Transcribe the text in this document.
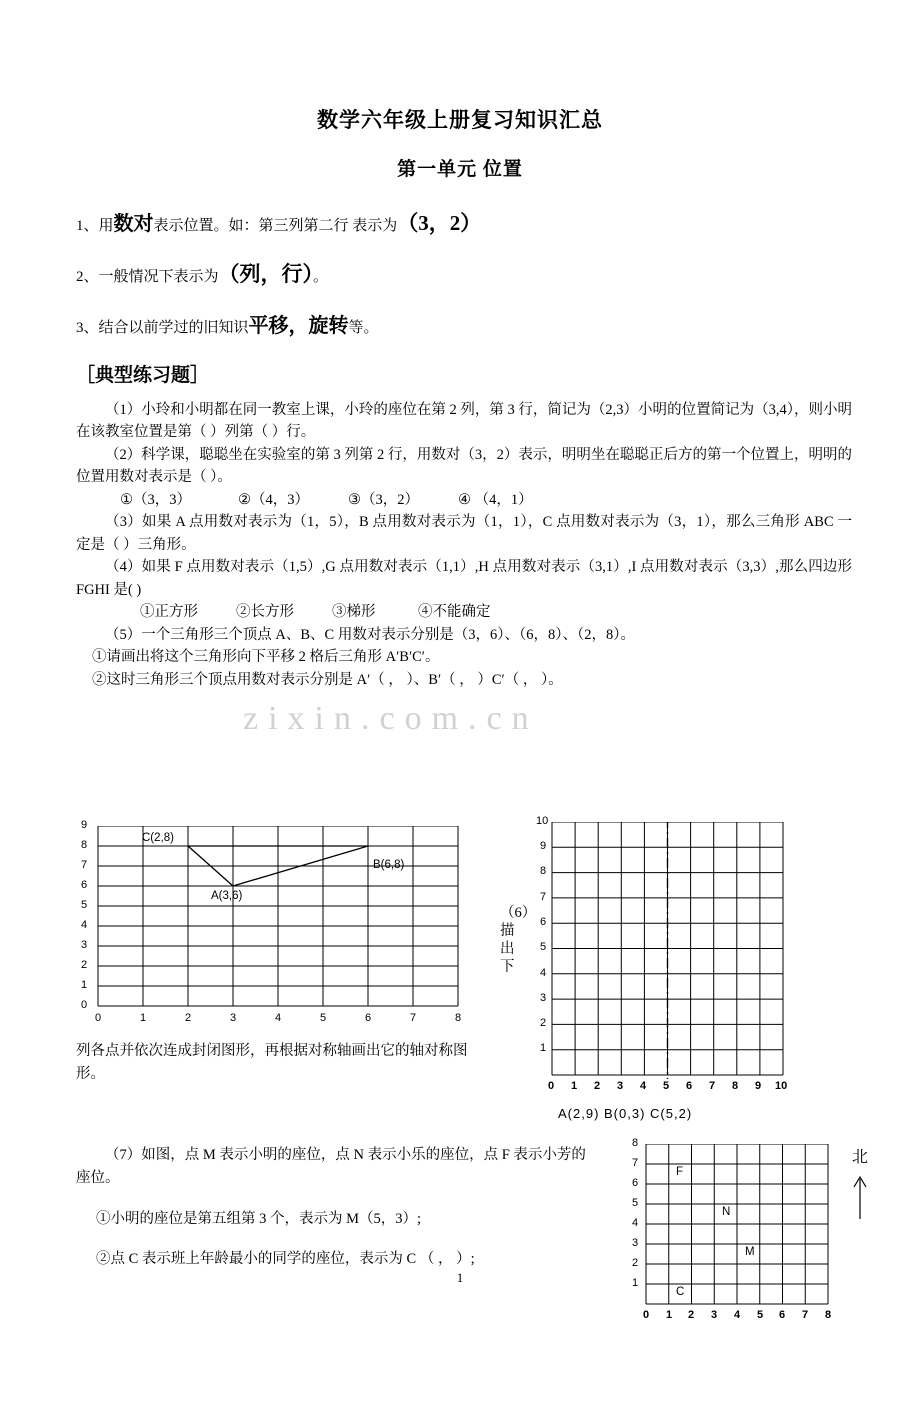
数学六年级上册复习知识汇总
第一单元 位置
1、用数对表示位置。如：第三列第二行 表示为（3，2）
2、一般情况下表示为（列，行）。
3、结合以前学过的旧知识平移，旋转等。
［典型练习题］
（1）小玲和小明都在同一教室上课，小玲的座位在第 2 列，第 3 行，简记为（2,3）小明的位置简记为（3,4），则小明在该教室位置是第（ ）列第（ ）行。
（2）科学课，聪聪坐在实验室的第 3 列第 2 行，用数对（3，2）表示，明明坐在聪聪正后方的第一个位置上，明明的位置用数对表示是（ ）。
①（3，3）	②（4，3）	③（3，2）	④ （4，1）
（3）如果 A 点用数对表示为（1，5），B 点用数对表示为（1，1），C 点用数对表示为（3，1），那么三角形 ABC 一定是（ ）三角形。
（4）如果 F 点用数对表示（1,5）,G 点用数对表示（1,1）,H 点用数对表示（3,1）,I 点用数对表示（3,3）,那么四边形 FGHI 是( )
①正方形	②长方形	③梯形	④不能确定
（5）一个三角形三个顶点 A、B、C 用数对表示分别是（3，6）、（6，8）、（2，8）。
①请画出将这个三角形向下平移 2 格后三角形 A′B′C′。
②这时三角形三个顶点用数对表示分别是 A′（ ， ）、B′（ ， ）C′（ ， ）。
zixin.com.cn
9
8
7
6
5
4
3
2
1
0
0	1	2	3	4	5	6	7	8
C(2,8)
A(3,6)
B(6,8)
（6）描出下
列各点并依次连成封闭图形，再根据对称轴画出它的轴对称图形。
10
9
8
7
6
5
4
3
2
1
0 1 2 3 4 5 6 7 8 9 10
A(2,9) B(0,3) C(5,2)
（7）如图，点 M 表示小明的座位，点 N 表示小乐的座位，点 F 表示小芳的座位。
①小明的座位是第五组第 3 个，表示为 M（5，3）;
②点 C 表示班上年龄最小的同学的座位，表示为 C （ ， ）;
北
8
7
6
5
4
3
2
1
0 1 2 3 4 5 6 7 8
F
N
M
C
1
